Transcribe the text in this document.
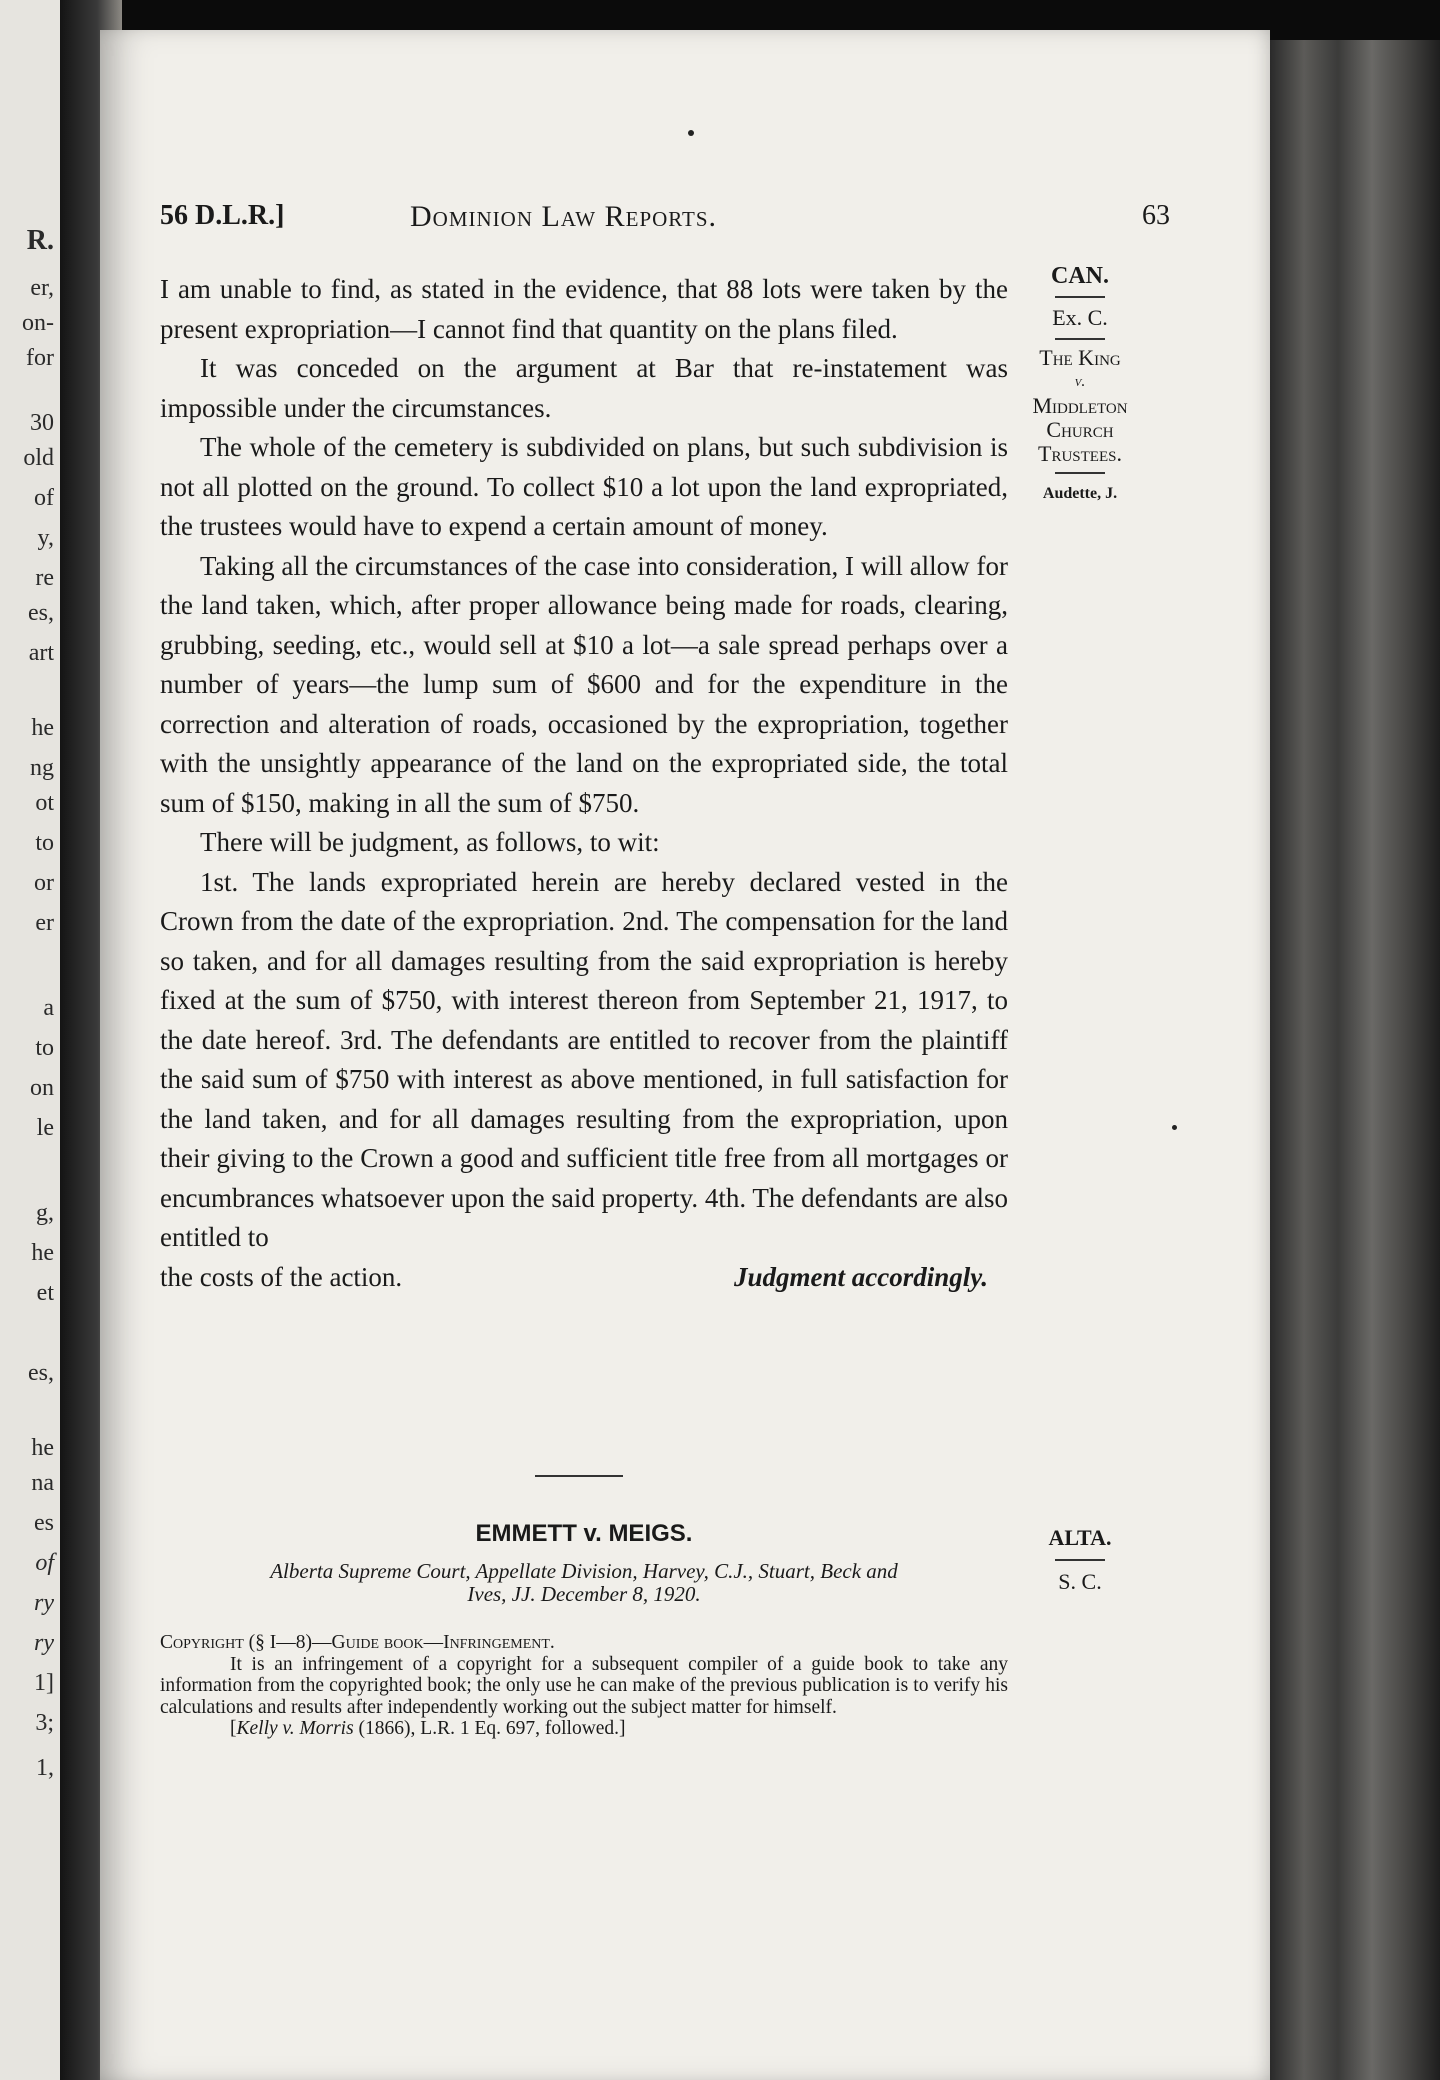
R.
er,
on-
for
30
old
of
y,
re
es,
art
he
ng
ot
to
or
er
a
to
on
le
g,
he
et
es,
he
na
es
of
ry
ry
1]
3;
1,
56 D.L.R.]	Dominion Law Reports.	63
CAN.
Ex. C.
The King
v.
Middleton
Church
Trustees.
Audette, J.

I am unable to find, as stated in the evidence, that 88 lots were taken by the present expropriation—I cannot find that quantity on the plans filed.

It was conceded on the argument at Bar that re-instatement was impossible under the circumstances.

The whole of the cemetery is subdivided on plans, but such subdivision is not all plotted on the ground. To collect $10 a lot upon the land expropriated, the trustees would have to expend a certain amount of money.

Taking all the circumstances of the case into consideration, I will allow for the land taken, which, after proper allowance being made for roads, clearing, grubbing, seeding, etc., would sell at $10 a lot—a sale spread perhaps over a number of years—the lump sum of $600 and for the expenditure in the correction and alteration of roads, occasioned by the expropriation, together with the unsightly appearance of the land on the expropriated side, the total sum of $150, making in all the sum of $750.

There will be judgment, as follows, to wit:

1st. The lands expropriated herein are hereby declared vested in the Crown from the date of the expropriation. 2nd. The compensation for the land so taken, and for all damages resulting from the said expropriation is hereby fixed at the sum of $750, with interest thereon from September 21, 1917, to the date hereof. 3rd. The defendants are entitled to recover from the plaintiff the said sum of $750 with interest as above mentioned, in full satisfaction for the land taken, and for all damages resulting from the expropriation, upon their giving to the Crown a good and sufficient title free from all mortgages or encumbrances whatsoever upon the said property. 4th. The defendants are also entitled to

the costs of the action.	Judgment accordingly.
EMMETT v. MEIGS.
Alberta Supreme Court, Appellate Division, Harvey, C.J., Stuart, Beck and
Ives, JJ. December 8, 1920.
ALTA.
S. C.
Copyright (§ I—8)—Guide book—Infringement.

It is an infringement of a copyright for a subsequent compiler of a guide book to take any information from the copyrighted book; the only use he can make of the previous publication is to verify his calculations and results after independently working out the subject matter for himself.

[Kelly v. Morris (1866), L.R. 1 Eq. 697, followed.]
